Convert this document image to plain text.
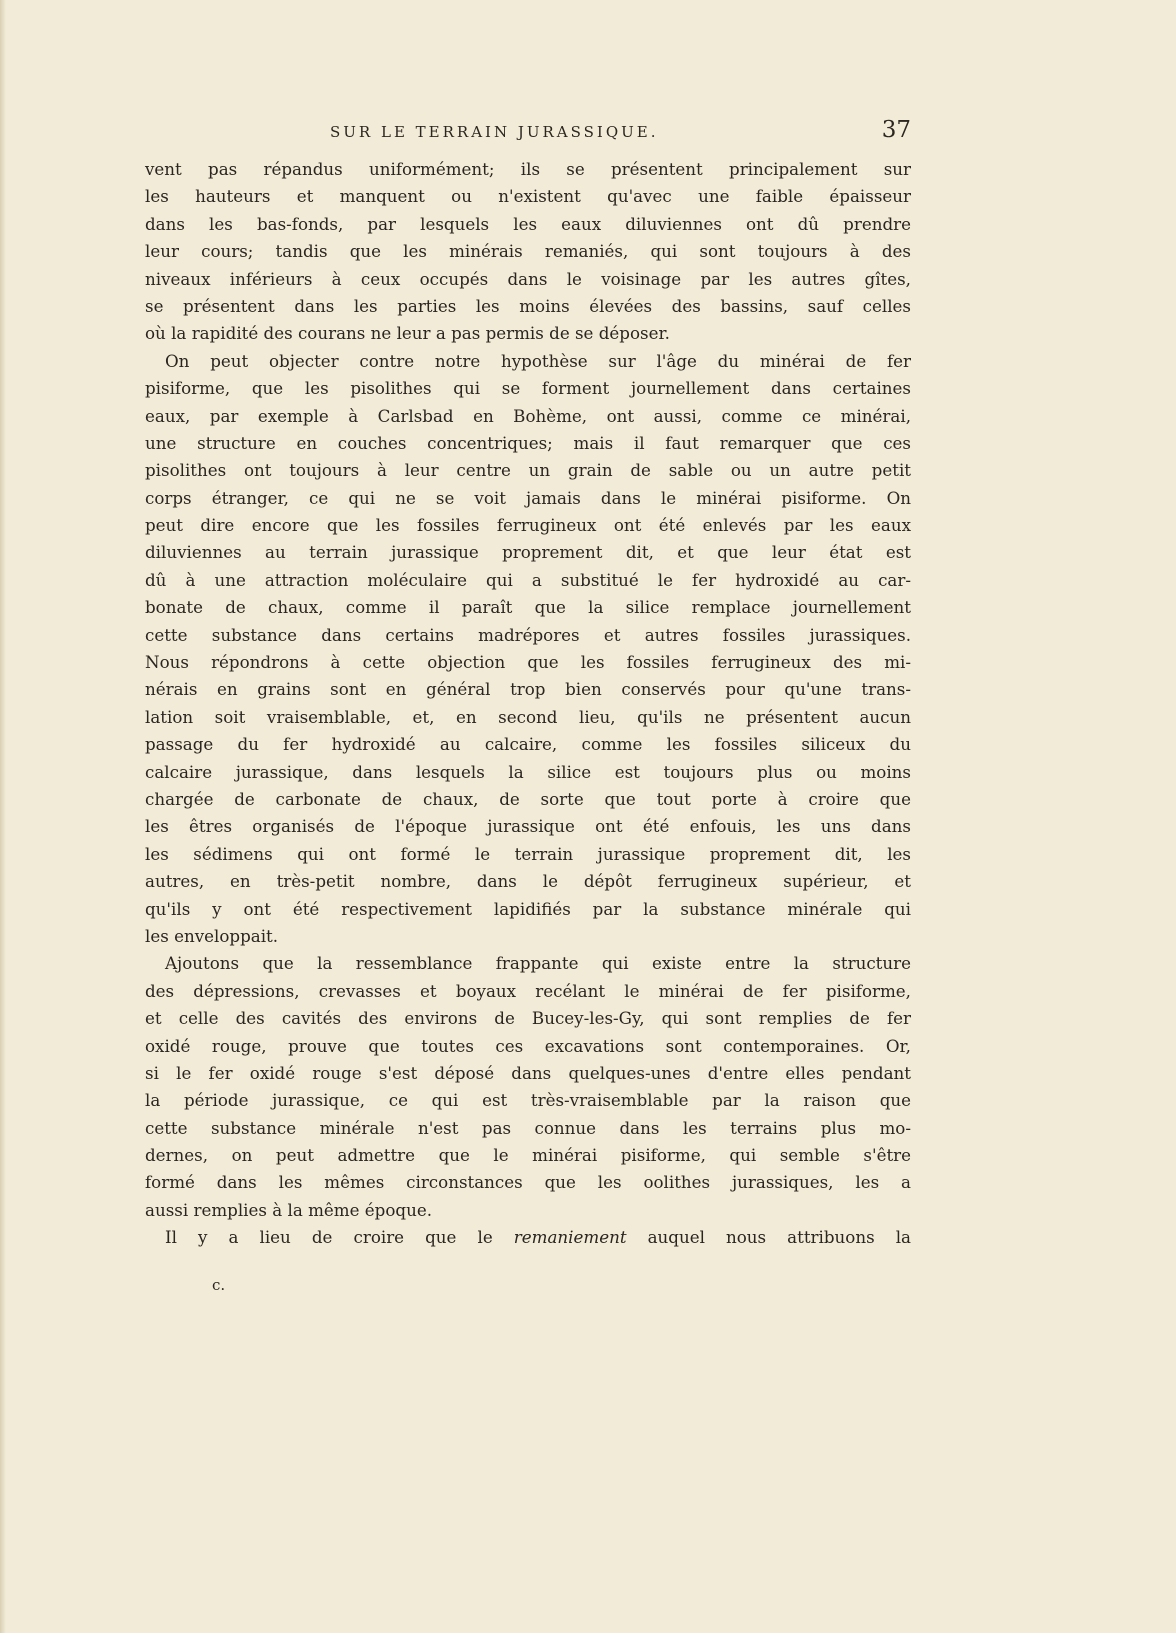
SUR LE TERRAIN JURASSIQUE.	37
vent pas répandus uniformément; ils se présentent principalement sur
les hauteurs et manquent ou n'existent qu'avec une faible épaisseur
dans les bas-fonds, par lesquels les eaux diluviennes ont dû prendre
leur cours; tandis que les minérais remaniés, qui sont toujours à des
niveaux inférieurs à ceux occupés dans le voisinage par les autres gîtes,
se présentent dans les parties les moins élevées des bassins, sauf celles
où la rapidité des courans ne leur a pas permis de se déposer.
On peut objecter contre notre hypothèse sur l'âge du minérai de fer
pisiforme, que les pisolithes qui se forment journellement dans certaines
eaux, par exemple à Carlsbad en Bohème, ont aussi, comme ce minérai,
une structure en couches concentriques; mais il faut remarquer que ces
pisolithes ont toujours à leur centre un grain de sable ou un autre petit
corps étranger, ce qui ne se voit jamais dans le minérai pisiforme. On
peut dire encore que les fossiles ferrugineux ont été enlevés par les eaux
diluviennes au terrain jurassique proprement dit, et que leur état est
dû à une attraction moléculaire qui a substitué le fer hydroxidé au car-
bonate de chaux, comme il paraît que la silice remplace journellement
cette substance dans certains madrépores et autres fossiles jurassiques.
Nous répondrons à cette objection que les fossiles ferrugineux des mi-
nérais en grains sont en général trop bien conservés pour qu'une trans-
lation soit vraisemblable, et, en second lieu, qu'ils ne présentent aucun
passage du fer hydroxidé au calcaire, comme les fossiles siliceux du
calcaire jurassique, dans lesquels la silice est toujours plus ou moins
chargée de carbonate de chaux, de sorte que tout porte à croire que
les êtres organisés de l'époque jurassique ont été enfouis, les uns dans
les sédimens qui ont formé le terrain jurassique proprement dit, les
autres, en très-petit nombre, dans le dépôt ferrugineux supérieur, et
qu'ils y ont été respectivement lapidifiés par la substance minérale qui
les enveloppait.
Ajoutons que la ressemblance frappante qui existe entre la structure
des dépressions, crevasses et boyaux recélant le minérai de fer pisiforme,
et celle des cavités des environs de Bucey-les-Gy, qui sont remplies de fer
oxidé rouge, prouve que toutes ces excavations sont contemporaines. Or,
si le fer oxidé rouge s'est déposé dans quelques-unes d'entre elles pendant
la période jurassique, ce qui est très-vraisemblable par la raison que
cette substance minérale n'est pas connue dans les terrains plus mo-
dernes, on peut admettre que le minérai pisiforme, qui semble s'être
formé dans les mêmes circonstances que les oolithes jurassiques, les a
aussi remplies à la même époque.
Il y a lieu de croire que le remaniement auquel nous attribuons la
c.
